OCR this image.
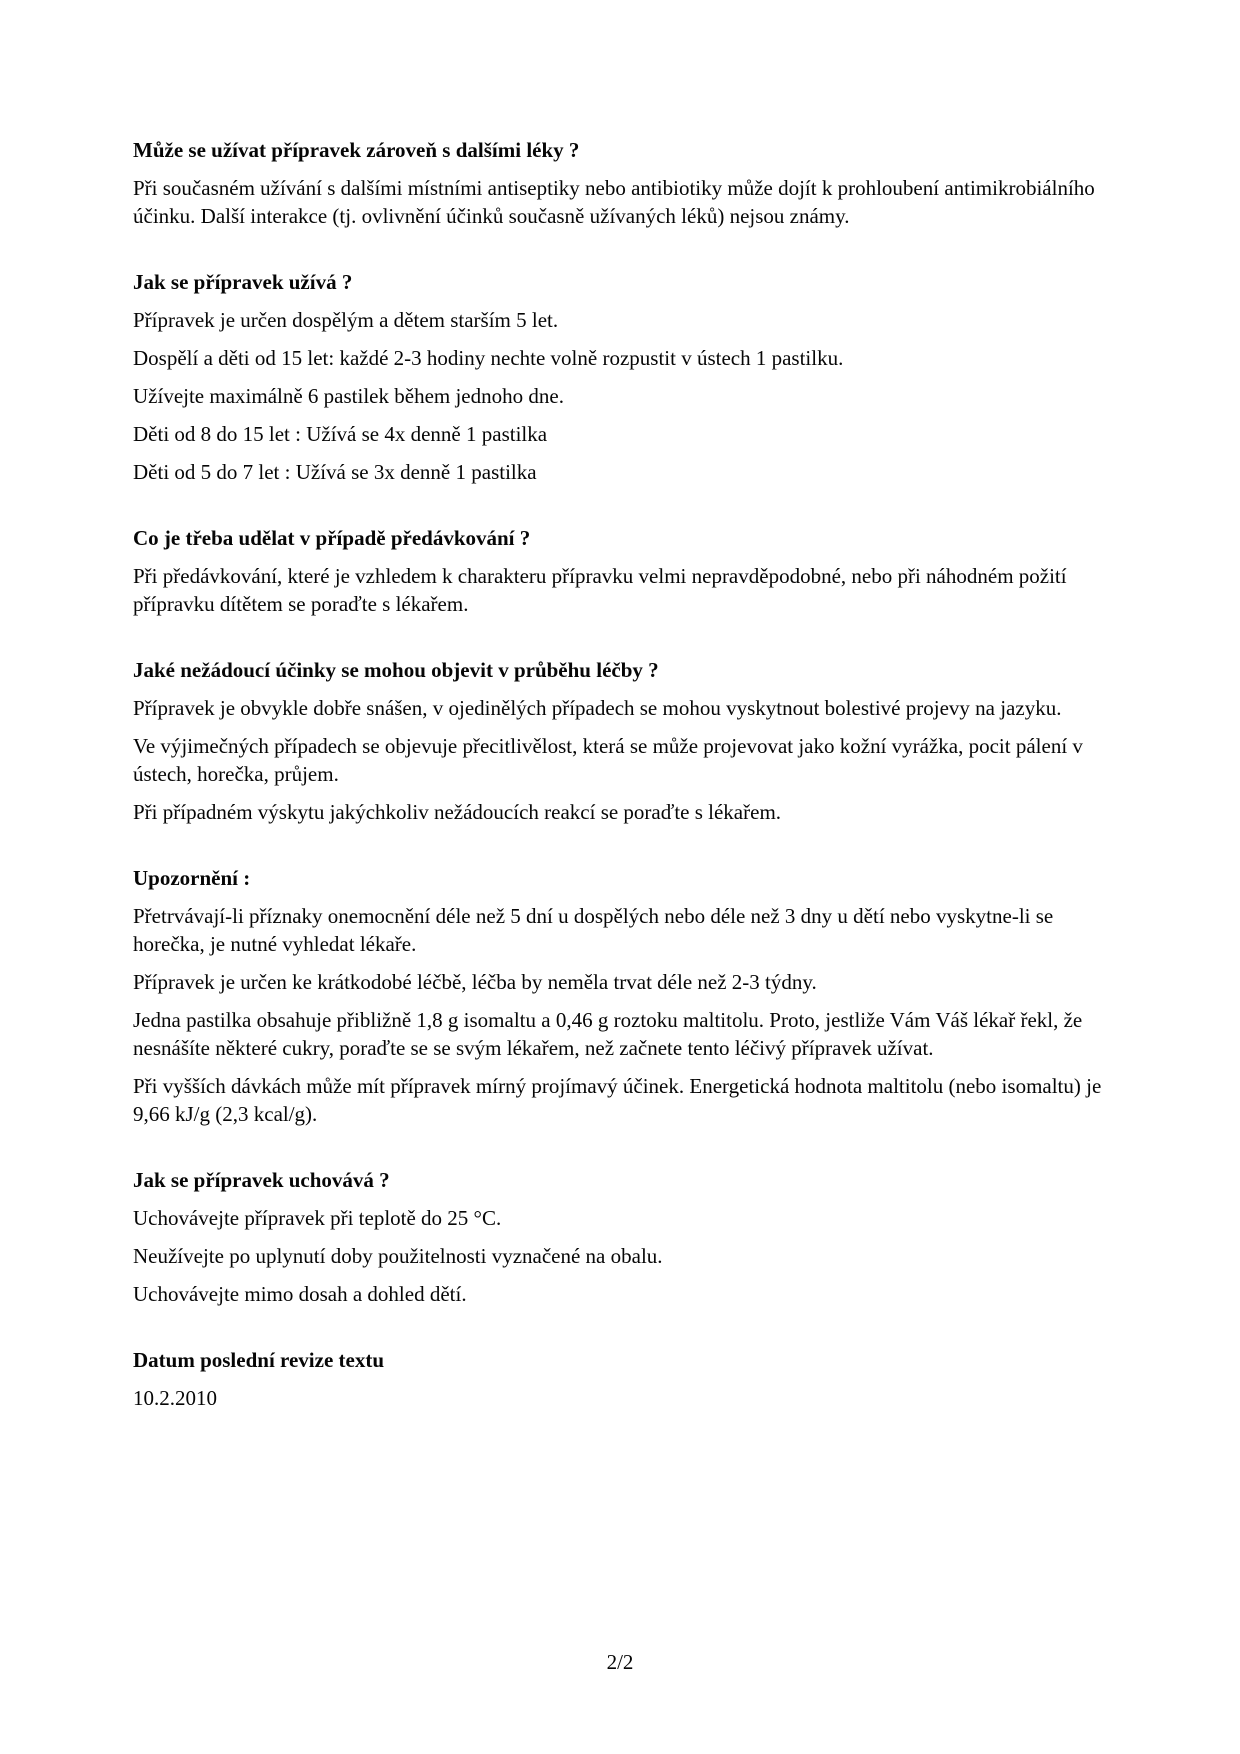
Může se užívat přípravek zároveň s dalšími léky ?

Při současném užívání s dalšími místními antiseptiky nebo antibiotiky může dojít k prohloubení antimikrobiálního účinku. Další interakce (tj. ovlivnění účinků současně užívaných léků) nejsou známy.

Jak se přípravek užívá ?

Přípravek je určen dospělým a dětem starším 5 let.

Dospělí a děti od 15 let: každé 2-3 hodiny nechte volně rozpustit v ústech 1 pastilku.

Užívejte maximálně 6 pastilek během jednoho dne.

Děti od 8 do 15 let : Užívá se 4x denně 1 pastilka

Děti od 5 do 7 let : Užívá se 3x denně 1 pastilka

Co je třeba udělat v případě předávkování ?

Při předávkování, které je vzhledem k charakteru přípravku velmi nepravděpodobné, nebo při náhodném požití přípravku dítětem se poraďte s lékařem.

Jaké nežádoucí účinky se mohou objevit v průběhu léčby ?

Přípravek je obvykle dobře snášen, v ojedinělých případech se mohou vyskytnout bolestivé projevy na jazyku.

Ve výjimečných případech se objevuje přecitlivělost, která se může projevovat jako kožní vyrážka, pocit pálení v ústech, horečka, průjem.

Při případném výskytu jakýchkoliv nežádoucích reakcí se poraďte s lékařem.

Upozornění :

Přetrvávají-li příznaky onemocnění déle než 5 dní u dospělých nebo déle než 3 dny u dětí nebo vyskytne-li se horečka, je nutné vyhledat lékaře.

Přípravek je určen ke krátkodobé léčbě, léčba by neměla trvat déle než 2-3 týdny.

Jedna pastilka obsahuje přibližně 1,8 g isomaltu a 0,46 g roztoku maltitolu. Proto, jestliže Vám Váš lékař řekl, že nesnášíte některé cukry, poraďte se se svým lékařem, než začnete tento léčivý přípravek užívat.

Při vyšších dávkách může mít přípravek mírný projímavý účinek. Energetická hodnota maltitolu (nebo isomaltu) je 9,66 kJ/g (2,3 kcal/g).

Jak se přípravek uchovává ?

Uchovávejte přípravek při teplotě do 25 °C.

Neužívejte po uplynutí doby použitelnosti vyznačené na obalu.

Uchovávejte mimo dosah a dohled dětí.

Datum poslední revize textu

10.2.2010

2/2
